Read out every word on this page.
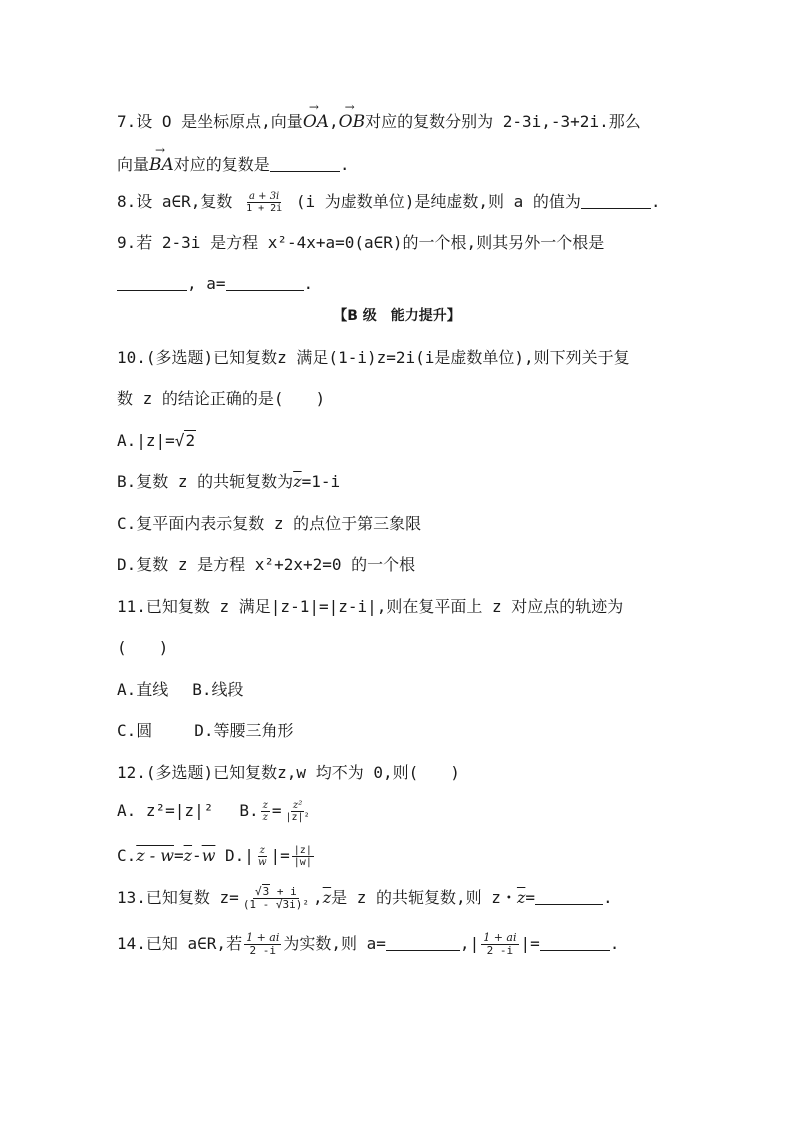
7.设 O 是坐标原点,向量→ OA,→ OB对应的复数分别为 2-3i,-3+2i.那么
向量→ BA对应的复数是	.
8.设 a∈R,复数 $\frac{a + 3i}{1 + 2i} (i$ 为虚数单位)是纯虚数,则 a 的值为	.
9.若 2-3i 是方程 x²-4x+a=0(a∈R)的一个根,则其另外一个根是
, a=	.
【B 级　能力提升】
10.(多选题)已知复数z 满足(1-i)z=2i(i是虚数单位),则下列关于复
数 z 的结论正确的是(　　)
A.|z|=√2
B.复数 z 的共轭复数为$\overline{z}=1-i$
C.复平面内表示复数 z 的点位于第三象限
D.复数 z 是方程 x²+2x+2=0 的一个根
11.已知复数 z 满足|z-1|=|z-i|,则在复平面上 z 对应点的轨迹为
(　　)
A.直线 B.线段
C.圆	D.等腰三角形
12.(多选题)已知复数z,w 均不为 0,则(　　)
A. z²=|z|² B. $\frac{z}{z} = \frac{\text{z²}}{\text{|z|²}}$
$C.z - w=\overline{z}-\overline{w}$ $D.| \frac{z}{w}$ |= $\frac{|z|}{|w|}$
13.已知复数 $z= \frac{√3 + i}{\text{(1 - √3i)²}} ,\overline{z}$是 z 的共轭复数,则 z・$\overline{z}=$	.
14.已知 a∈R,若 $\frac{1 + ai}{2 -i}$ 为实数,则 a=	,| $\frac{1 + ai}{2 -i}$ |=	.
